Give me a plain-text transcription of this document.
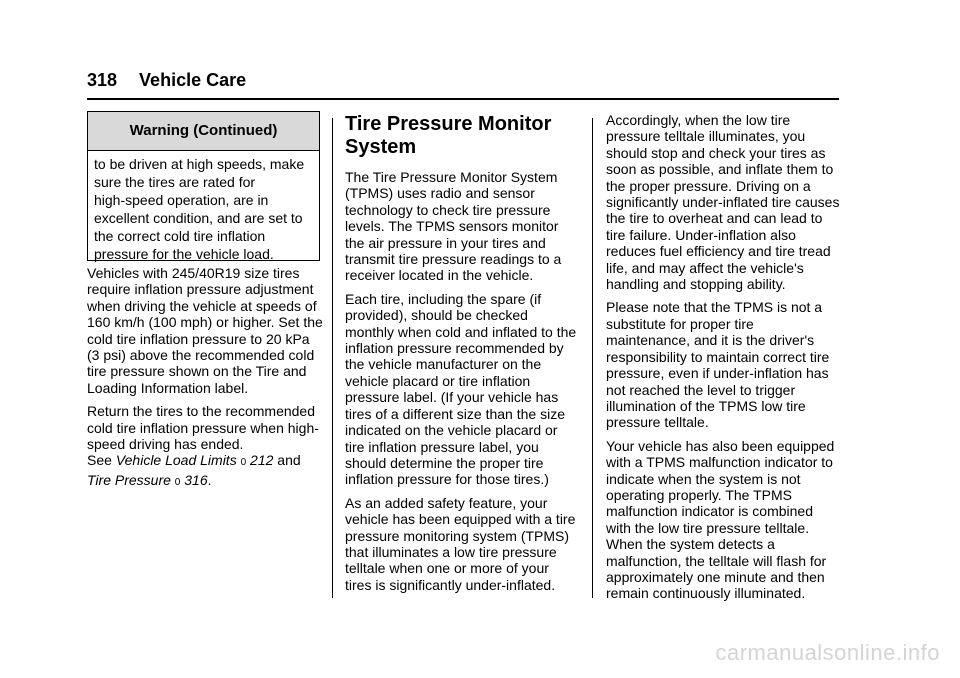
318 Vehicle Care
Warning (Continued)
to be driven at high speeds, make
sure the tires are rated for
high-speed operation, are in
excellent condition, and are set to
the correct cold tire inflation
pressure for the vehicle load.

Vehicles with 245/40R19 size tires require inflation pressure adjustment when driving the vehicle at speeds of 160 km/h (100 mph) or higher. Set the cold tire inflation pressure to 20 kPa (3 psi) above the recommended cold tire pressure shown on the Tire and Loading Information label.

Return the tires to the recommended cold tire inflation pressure when high-speed driving has ended.
See Vehicle Load Limits 0 212 and Tire Pressure 0 316.

Tire Pressure Monitor System

The Tire Pressure Monitor System (TPMS) uses radio and sensor technology to check tire pressure levels. The TPMS sensors monitor the air pressure in your tires and transmit tire pressure readings to a receiver located in the vehicle.

Each tire, including the spare (if provided), should be checked monthly when cold and inflated to the inflation pressure recommended by the vehicle manufacturer on the vehicle placard or tire inflation pressure label. (If your vehicle has tires of a different size than the size indicated on the vehicle placard or tire inflation pressure label, you should determine the proper tire inflation pressure for those tires.)

As an added safety feature, your vehicle has been equipped with a tire pressure monitoring system (TPMS) that illuminates a low tire pressure telltale when one or more of your tires is significantly under-inflated.

Accordingly, when the low tire pressure telltale illuminates, you should stop and check your tires as soon as possible, and inflate them to the proper pressure. Driving on a significantly under-inflated tire causes the tire to overheat and can lead to tire failure. Under-inflation also reduces fuel efficiency and tire tread life, and may affect the vehicle's handling and stopping ability.

Please note that the TPMS is not a substitute for proper tire maintenance, and it is the driver's responsibility to maintain correct tire pressure, even if under-inflation has not reached the level to trigger illumination of the TPMS low tire pressure telltale.

Your vehicle has also been equipped with a TPMS malfunction indicator to indicate when the system is not operating properly. The TPMS malfunction indicator is combined with the low tire pressure telltale. When the system detects a malfunction, the telltale will flash for approximately one minute and then remain continuously illuminated.

carmanualsonline.info
